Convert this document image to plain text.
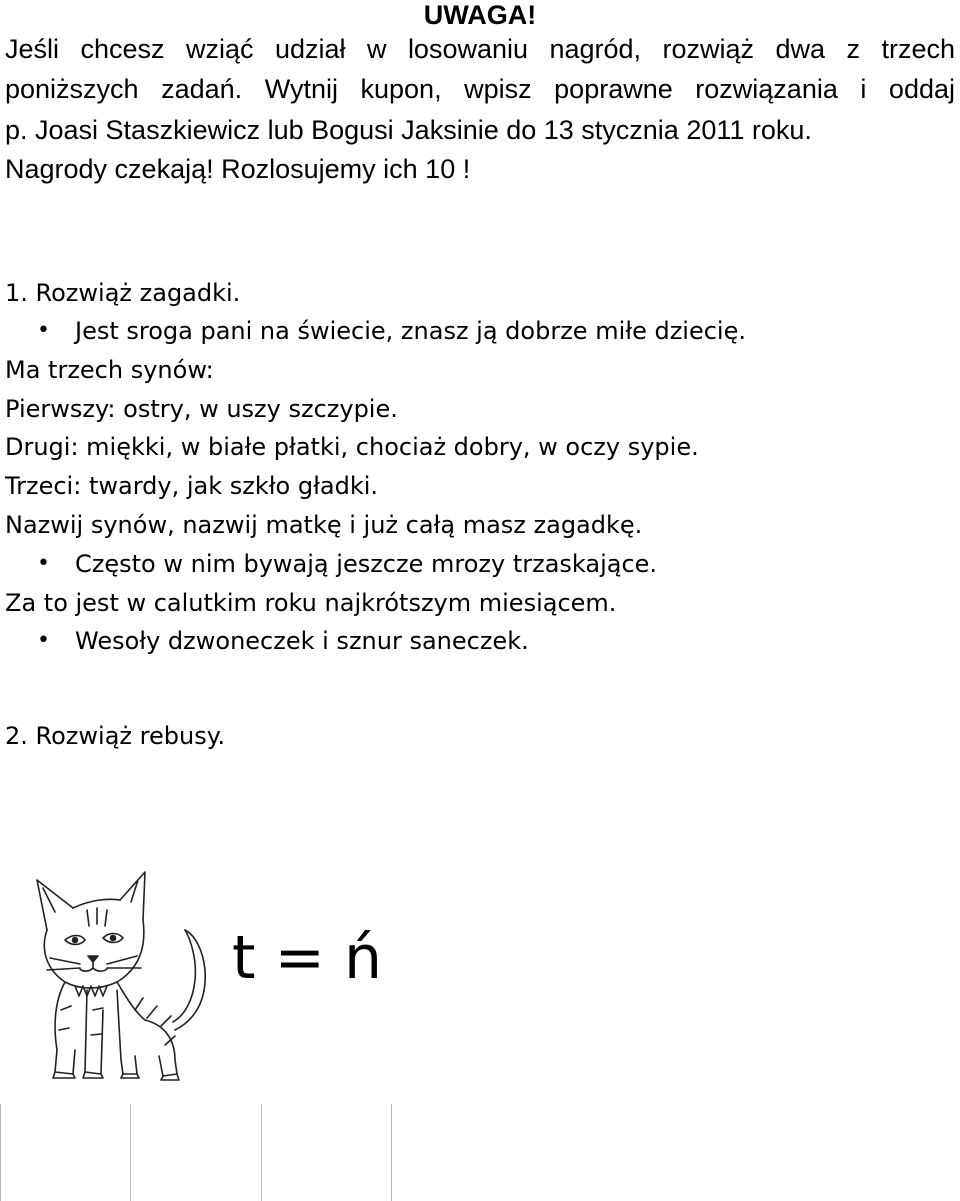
UWAGA!
Jeśli chcesz wziąć udział w losowaniu nagród, rozwiąż dwa z trzech
poniższych zadań. Wytnij kupon, wpisz poprawne rozwiązania i oddaj
p. Joasi Staszkiewicz lub Bogusi Jaksinie do 13 stycznia 2011 roku.
Nagrody czekają! Rozlosujemy ich 10 !
1. Rozwiąż zagadki.
• Jest sroga pani na świecie, znasz ją dobrze miłe dziecię.
Ma trzech synów:
Pierwszy: ostry, w uszy szczypie.
Drugi: miękki, w białe płatki, chociaż dobry, w oczy sypie.
Trzeci: twardy, jak szkło gładki.
Nazwij synów, nazwij matkę i już całą masz zagadkę.
• Często w nim bywają jeszcze mrozy trzaskające.
Za to jest w calutkim roku najkrótszym miesiącem.
• Wesoły dzwoneczek i sznur saneczek.
2. Rozwiąż rebusy.
t = ń
